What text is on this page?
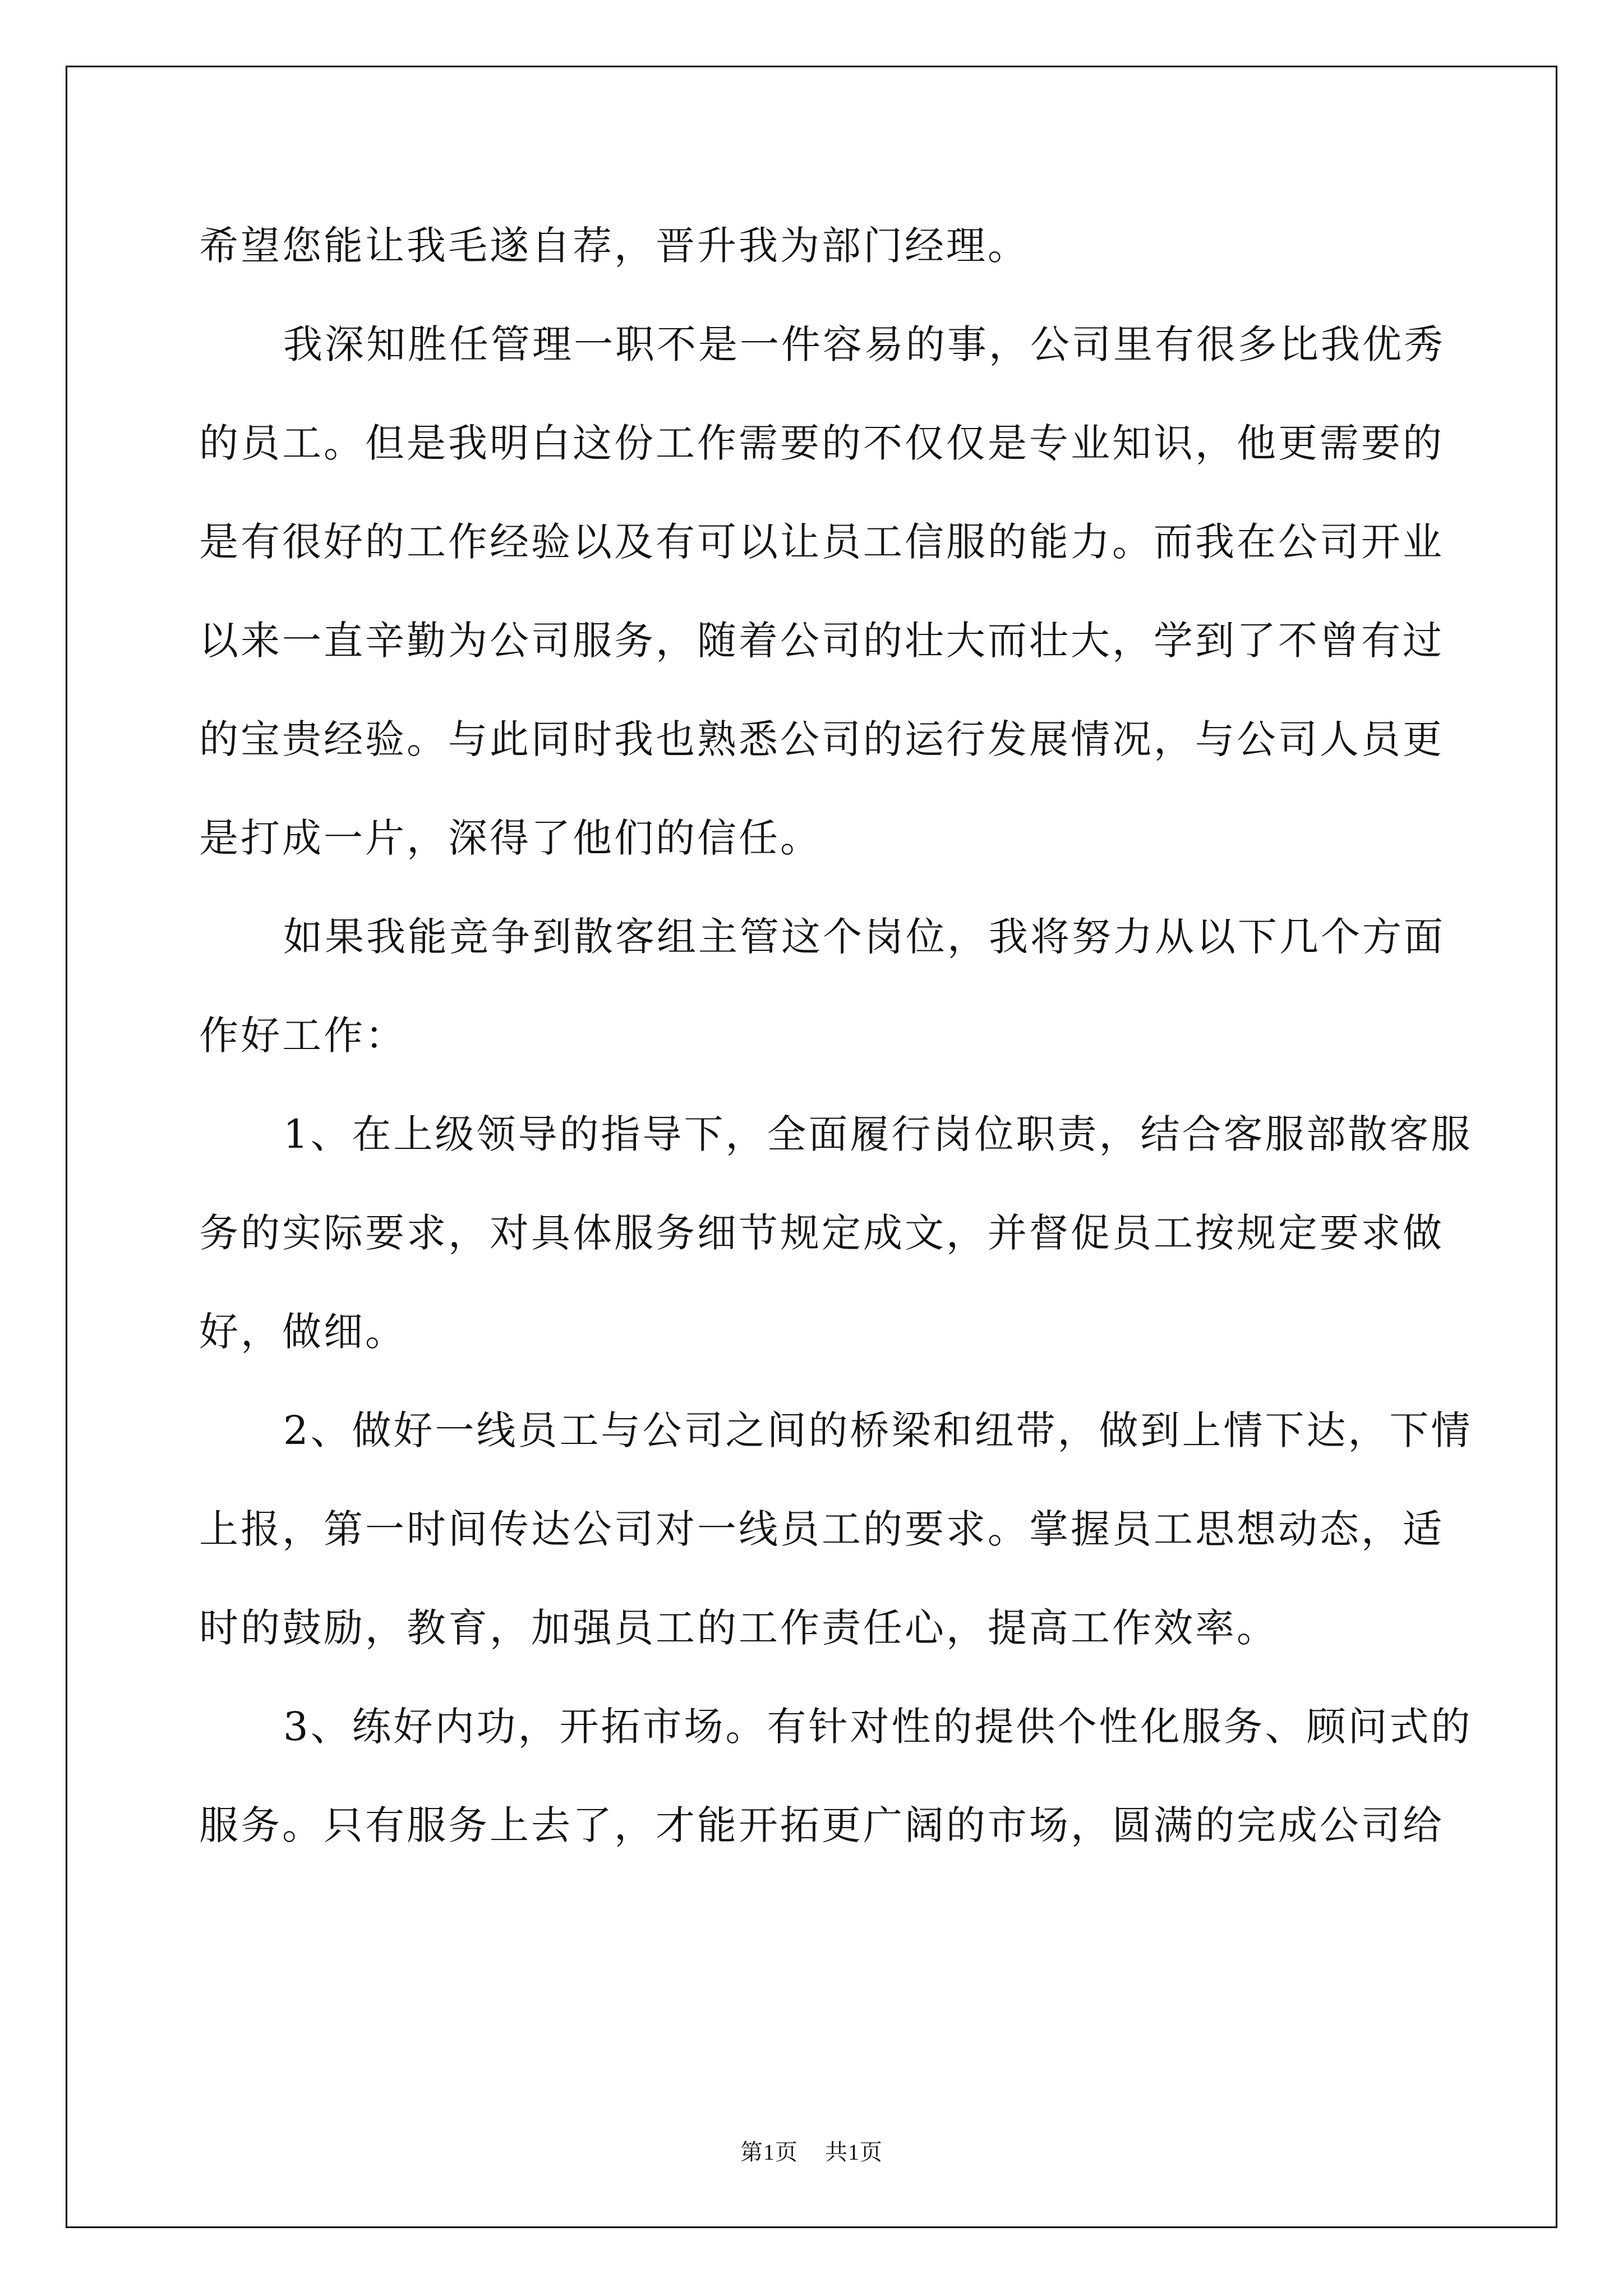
希望您能让我毛遂自荐，晋升我为部门经理。
我深知胜任管理一职不是一件容易的事，公司里有很多比我优秀
的员工。但是我明白这份工作需要的不仅仅是专业知识，他更需要的
是有很好的工作经验以及有可以让员工信服的能力。而我在公司开业
以来一直辛勤为公司服务，随着公司的壮大而壮大，学到了不曾有过
的宝贵经验。与此同时我也熟悉公司的运行发展情况，与公司人员更
是打成一片，深得了他们的信任。
如果我能竞争到散客组主管这个岗位，我将努力从以下几个方面
作好工作：
1、在上级领导的指导下，全面履行岗位职责，结合客服部散客服
务的实际要求，对具体服务细节规定成文，并督促员工按规定要求做
好，做细。
2、做好一线员工与公司之间的桥梁和纽带，做到上情下达，下情
上报，第一时间传达公司对一线员工的要求。掌握员工思想动态，适
时的鼓励，教育，加强员工的工作责任心，提高工作效率。
3、练好内功，开拓市场。有针对性的提供个性化服务、顾问式的
服务。只有服务上去了，才能开拓更广阔的市场，圆满的完成公司给
第1页 共1页
